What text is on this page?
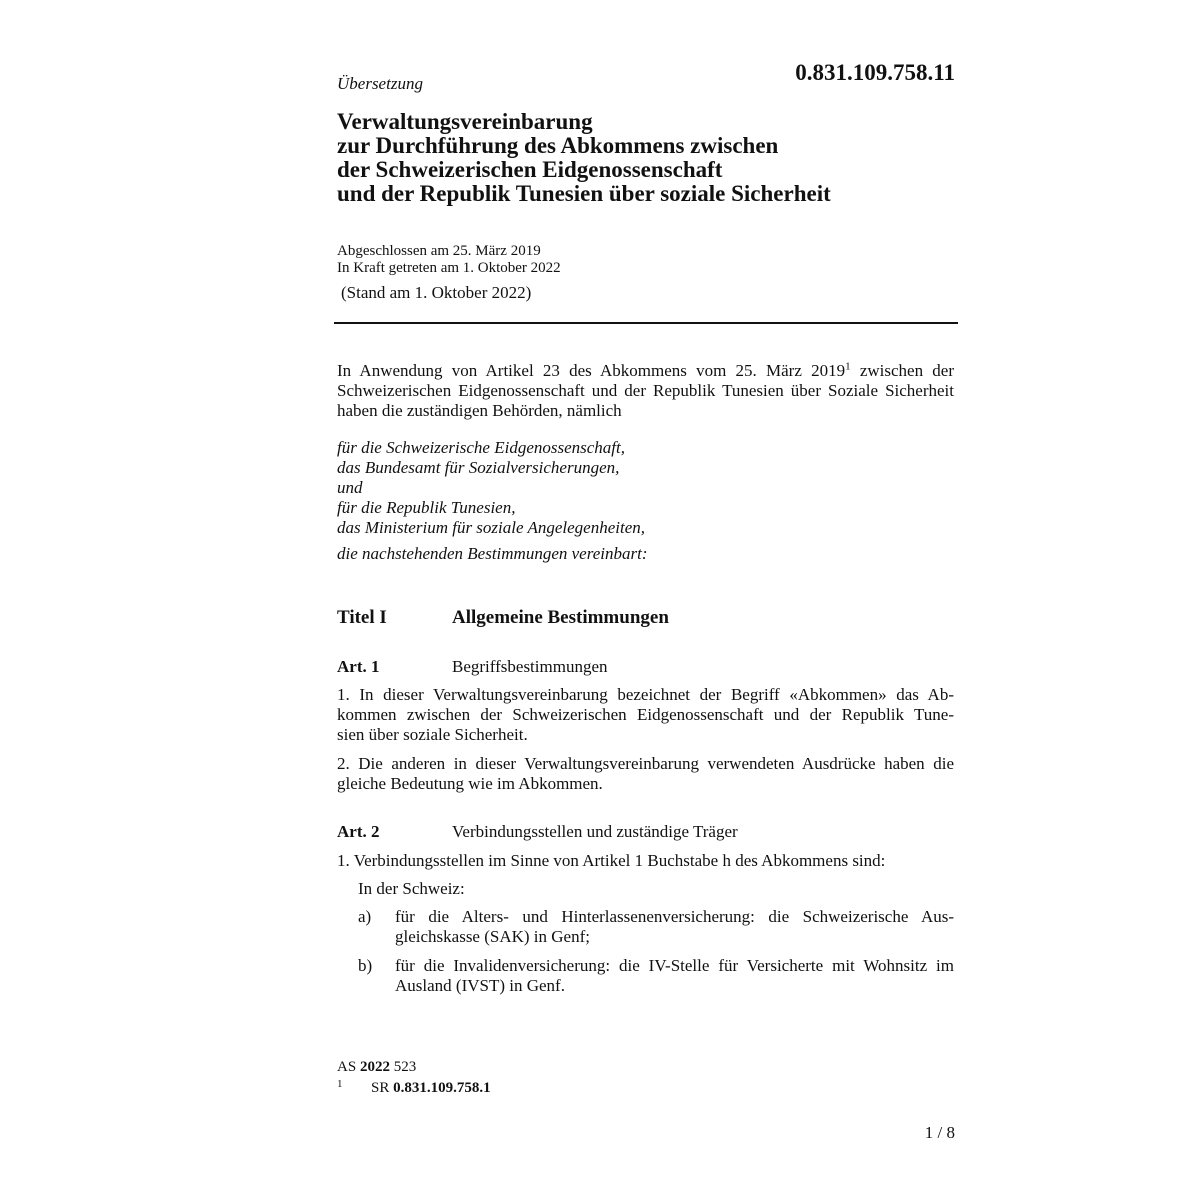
Übersetzung	0.831.109.758.11
Verwaltungsvereinbarung
zur Durchführung des Abkommens zwischen
der Schweizerischen Eidgenossenschaft
und der Republik Tunesien über soziale Sicherheit
Abgeschlossen am 25. März 2019
In Kraft getreten am 1. Oktober 2022
(Stand am 1. Oktober 2022)
In Anwendung von Artikel 23 des Abkommens vom 25. März 2019$^1$ zwischen der Schweizerischen Eidgenossenschaft und der Republik Tunesien über Soziale Sicherheit haben die zuständigen Behörden, nämlich
für die Schweizerische Eidgenossenschaft,
das Bundesamt für Sozialversicherungen,
und
für die Republik Tunesien,
das Ministerium für soziale Angelegenheiten,
die nachstehenden Bestimmungen vereinbart:
Titel I	Allgemeine Bestimmungen
Art. 1	Begriffsbestimmungen
1. In dieser Verwaltungsvereinbarung bezeichnet der Begriff «Abkommen» das Ab-
kommen zwischen der Schweizerischen Eidgenossenschaft und der Republik Tune-
sien über soziale Sicherheit.
2. Die anderen in dieser Verwaltungsvereinbarung verwendeten Ausdrücke haben die
gleiche Bedeutung wie im Abkommen.
Art. 2	Verbindungsstellen und zuständige Träger
1. Verbindungsstellen im Sinne von Artikel 1 Buchstabe h des Abkommens sind:
In der Schweiz:
a) für die Alters- und Hinterlassenenversicherung: die Schweizerische Aus-
gleichskasse (SAK) in Genf;
b) für die Invalidenversicherung: die IV-Stelle für Versicherte mit Wohnsitz im
Ausland (IVST) in Genf.
AS 2022 523
1 SR 0.831.109.758.1
1 / 8
